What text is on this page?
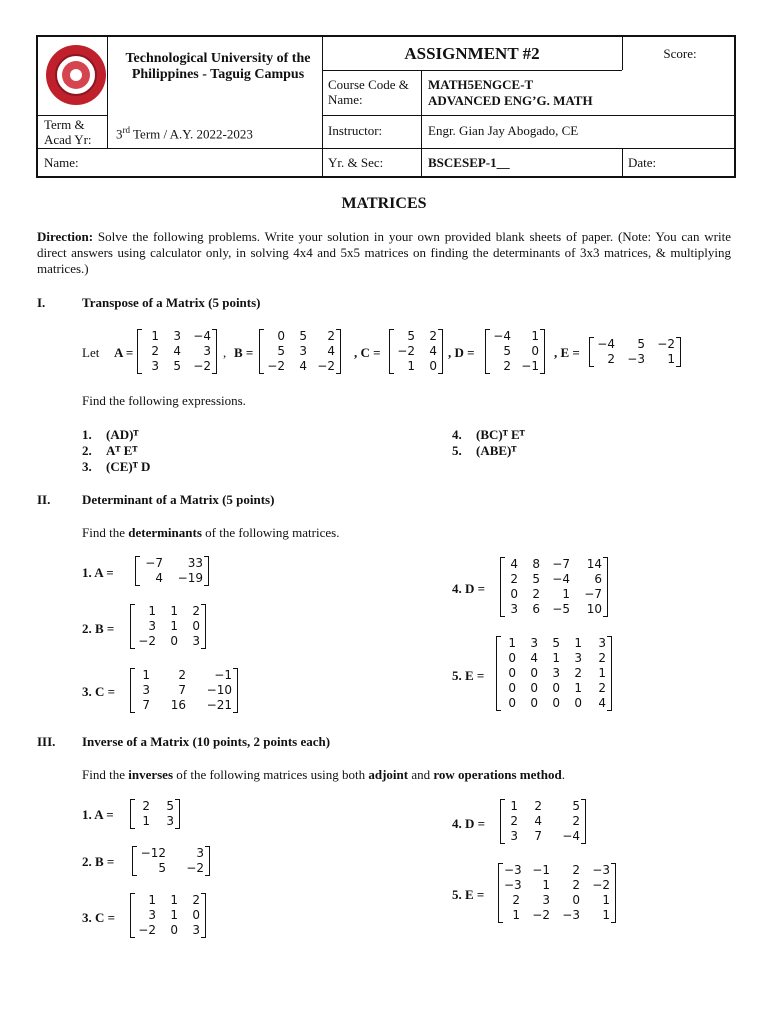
Technological University of the Philippines - Taguig Campus
ASSIGNMENT #2	Score:
Course Code & Name:
MATH5ENGCE-T
ADVANCED ENG’G. MATH
Term & Acad Yr:	3rd Term / A.Y. 2022-2023	Instructor:	Engr. Gian Jay Abogado, CE
Name:	Yr. & Sec:	BSCESEP-1__	Date:
MATRICES
Direction: Solve the following problems. Write your solution in your own provided blank sheets of paper. (Note: You can write direct answers using calculator only, in solving 4x4 and 5x5 matrices on finding the determinants of 3x3 matrices, & multiplying matrices.)
I.	Transpose of a Matrix (5 points)
Let A =
1	3	−4
2	4	3
3	5	−2
, B =
0	5	2
5	3	4
−2	4 −2
, C =
5	2
−2	4
1	0
, D =
−4	1
5	0
2 −1
, E =
−4	5	−2
2	−3	1
Find the following expressions.
1. (AD)ᵀ
2. Aᵀ Eᵀ
3. (CE)ᵀ D
4. (BC)ᵀ Eᵀ
5. (ABE)ᵀ
II. Determinant of a Matrix (5 points)
Find the determinants of the following matrices.
1. A =
−7	33
4	−19
2. B =
1	1	2
3	1	0
−2	0	3
3. C =
1	2	−1
3	7	−10
7	16	−21
4. D =
4	8	−7	14
2	5	−4	6
0	2	1	−7
3	6	−5	10
5. E =
1	3	5	1	3
0	4	1	3	2
0	0	3	2	1
0	0	0	1	2
0	0	0	0	4
III. Inverse of a Matrix (10 points, 2 points each)
Find the inverses of the following matrices using both adjoint and row operations method.
1. A =
2	5
1	3
2. B =
−12	3
5	−2
3. C =
1	1	2
3	1	0
−2	0	3
4. D =
1	2	5
2	4	2
3	7	−4
5. E =
−3 −1	2	−3
−3	1	2	−2
2	3	0	1
1	−2	−3	1
